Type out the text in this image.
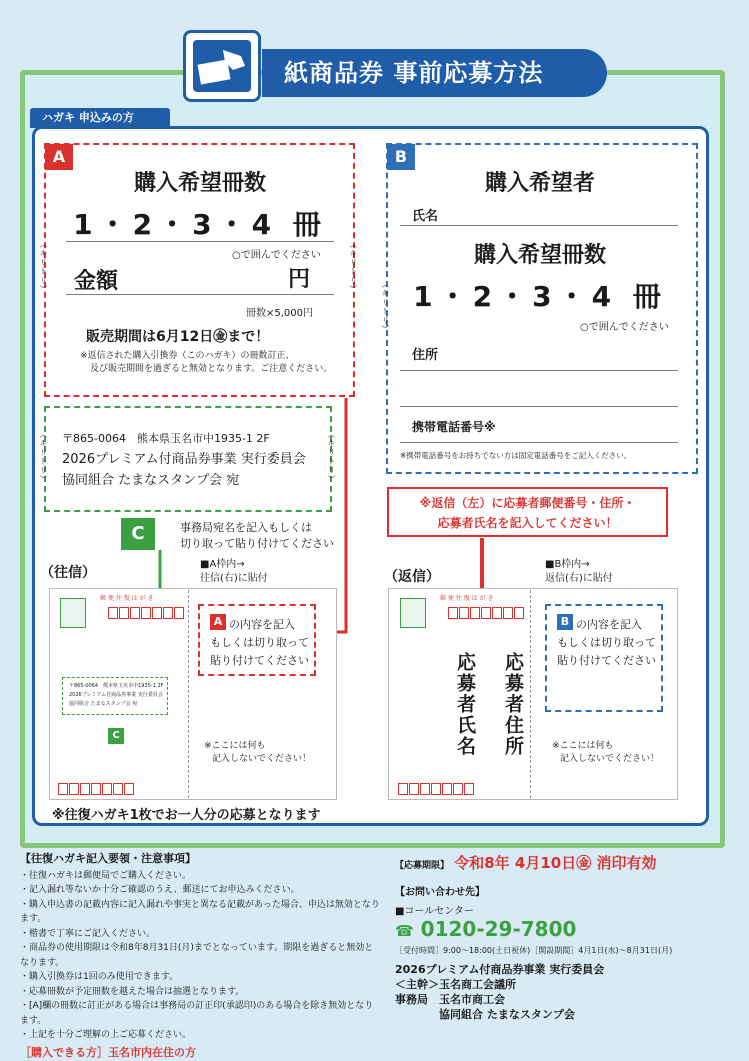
紙商品券 事前応募方法
ハガキ 申込みの方
A
購入希望冊数
1・2・3・4 冊
○で囲んでください
金額	円
冊数×5,000円
販売期間は6月12日㊎まで！
※返信された購入引換券（このハガキ）の冊数訂正、
及び販売期間を過ぎると無効となります。ご注意ください。
（キリトリ）	（キリトリ）
B
購入希望者
氏名
購入希望冊数
1・2・3・4 冊
○で囲んでください
住所
携帯電話番号※
※携帯電話番号をお持ちでない方は固定電話番号をご記入ください。
（キリトリ）
〒865-0064　熊本県玉名市中1935-1 2F
2026プレミアム付商品券事業 実行委員会
協同組合 たまなスタンプ会 宛
（キリトリ）	（キリトリ）
C	事務局宛名を記入もしくは
切り取って貼り付けてください
※返信（左）に応募者郵便番号・住所・
応募者氏名を記入してください！
（往信）
■A枠内→
往信(右)に貼付
郵 便 往 復 は が き
A の内容を記入
もしくは切り取って
貼り付けてください
〒865-0064　熊本県玉名市中1935-1 2F
2026プレミアム付商品券事業 実行委員会
協同組合 たまなスタンプ会 宛
C
※ここには何も
記入しないでください！
（返信）
■B枠内→
返信(右)に貼付
郵 便 往 復 は が き
応募者住所
応募者氏名
B の内容を記入
もしくは切り取って
貼り付けてください
※ここには何も
記入しないでください！
※往復ハガキ1枚でお一人分の応募となります
【往復ハガキ記入要領・注意事項】
・往復ハガキは郵便局でご購入ください。
・記入漏れ等ないか十分ご確認のうえ、郵送にてお申込みください。
・購入申込書の記載内容に記入漏れや事実と異なる記載があった場合、申込は無効となります。
・楷書で丁寧にご記入ください。
・商品券の使用期限は令和8年8月31日(月)までとなっています。期限を過ぎると無効となります。
・購入引換券は1回のみ使用できます。
・応募冊数が予定冊数を越えた場合は抽選となります。
・[A]欄の冊数に訂正がある場合は事務局の訂正印(承認印)のある場合を除き無効となります。
・上記を十分ご理解の上ご応募ください。
［購入できる方］玉名市内在住の方
【応募期限】 令和8年 4月10日㊎ 消印有効
【お問い合わせ先】
■コールセンター
☎ 0120-29-7800
［受付時間］9:00～18:00(土日祝休)［開設期間］4月1日(水)～8月31日(月)
2026プレミアム付商品券事業 実行委員会
＜主幹＞玉名商工会議所
事務局　玉名市商工会
　　　　協同組合 たまなスタンプ会
